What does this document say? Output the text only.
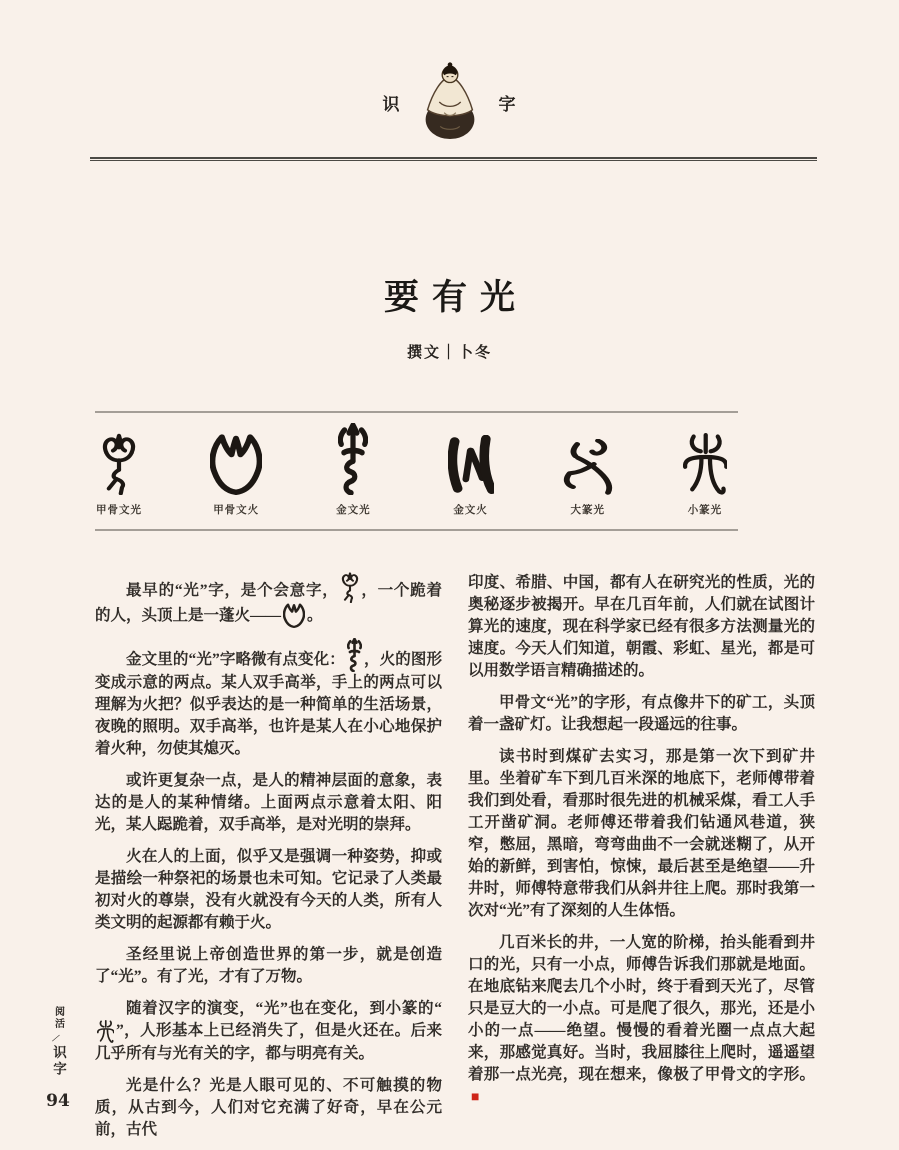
识	字
要有光
撰文｜卜冬
甲骨文光	甲骨文火	金文光	金文火	大篆光	小篆光

最早的“光”字，是个会意字， ，一个跪着的人，头顶上是一蓬火—— 。

金文里的“光”字略微有点变化： ，火的图形变成示意的两点。某人双手高举，手上的两点可以理解为火把？似乎表达的是一种简单的生活场景，夜晚的照明。双手高举，也许是某人在小心地保护着火种，勿使其熄灭。

或许更复杂一点，是人的精神层面的意象，表达的是人的某种情绪。上面两点示意着太阳、阳光，某人跽跪着，双手高举，是对光明的崇拜。

火在人的上面，似乎又是强调一种姿势，抑或是描绘一种祭祀的场景也未可知。它记录了人类最初对火的尊崇，没有火就没有今天的人类，所有人类文明的起源都有赖于火。

圣经里说上帝创造世界的第一步，就是创造了“光”。有了光，才有了万物。

随着汉字的演变，“光”也在变化，到小篆的“”，人形基本上已经消失了，但是火还在。后来几乎所有与光有关的字，都与明亮有关。

光是什么？光是人眼可见的、不可触摸的物质，从古到今，人们对它充满了好奇，早在公元前，古代

印度、希腊、中国，都有人在研究光的性质，光的奥秘逐步被揭开。早在几百年前，人们就在试图计算光的速度，现在科学家已经有很多方法测量光的速度。今天人们知道，朝霞、彩虹、星光，都是可以用数学语言精确描述的。

甲骨文“光”的字形，有点像井下的矿工，头顶着一盏矿灯。让我想起一段遥远的往事。

读书时到煤矿去实习，那是第一次下到矿井里。坐着矿车下到几百米深的地底下，老师傅带着我们到处看，看那时很先进的机械采煤，看工人手工开凿矿洞。老师傅还带着我们钻通风巷道，狭窄，憋屈，黑暗，弯弯曲曲不一会就迷糊了，从开始的新鲜，到害怕，惊悚，最后甚至是绝望——升井时，师傅特意带我们从斜井往上爬。那时我第一次对“光”有了深刻的人生体悟。

几百米长的井，一人宽的阶梯，抬头能看到井口的光，只有一小点，师傅告诉我们那就是地面。在地底钻来爬去几个小时，终于看到天光了，尽管只是豆大的一小点。可是爬了很久，那光，还是小小的一点——绝望。慢慢的看着光圈一点点大起来，那感觉真好。当时，我屈膝往上爬时，遥遥望着那一点光亮，现在想来，像极了甲骨文的字形。■

阅活
∕
识字
94
